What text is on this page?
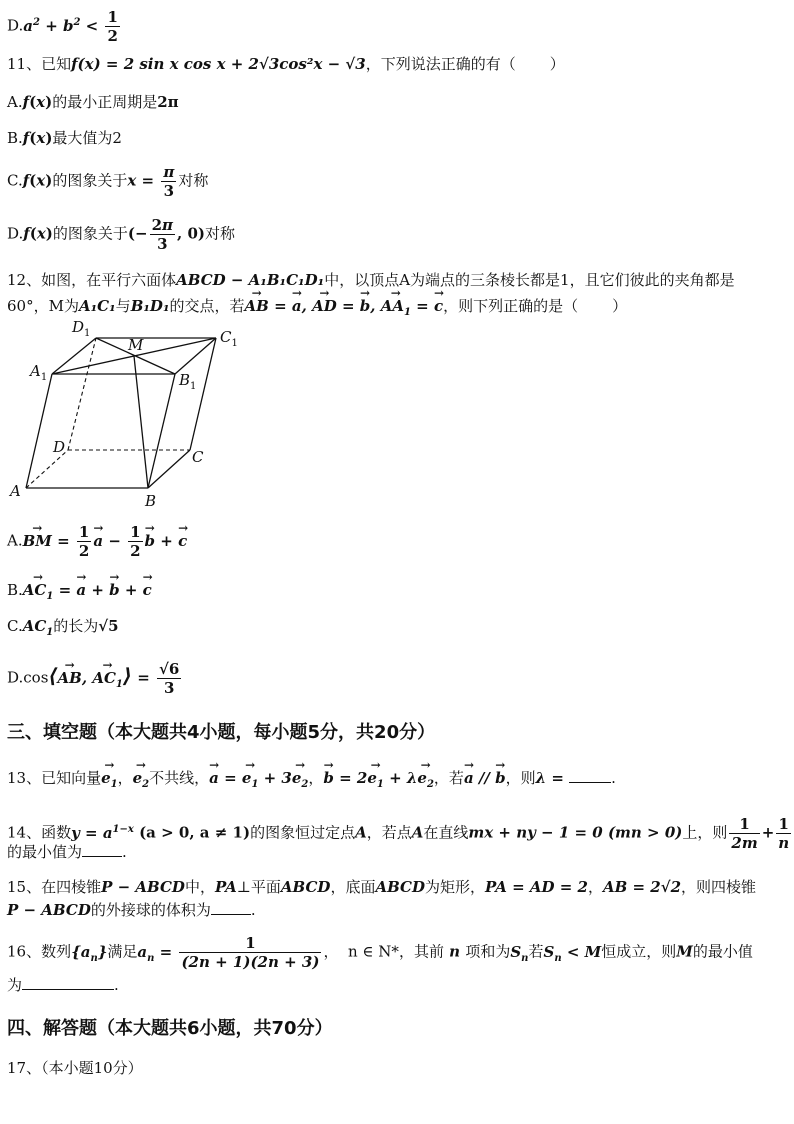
$D.a^2 + b^2 < \frac{1}{2}$
11、已知f(x) = 2 sin x cos x + 2√3cos²x − √3，下列说法正确的有（ ）
A.f(x)的最小正周期是2π
B.f(x)最大值为2
C.f(x)的图象关于$x = \frac{\pi}{3}$ 对称
D.f(x)的图象关于(− $\frac{2\pi}{3}$ , 0)对称
12、如图，在平行六面体ABCD − A₁B₁C₁D₁中，以顶点A为端点的三条棱长都是1，且它们彼此的夹角都是
60°，M为A₁C₁与B₁D₁的交点，若→ AB = → a, → AD = → b, → $AA_1$ = → c，则下列正确的是（ ）
$D_1$	$C_1$
$A_1$	$B_1$
M
D
C
A
B
A.→ BM = $\frac{1}{2}$
→ $a - \frac{1}{2}$
→ b + → c
$B.\to AC_1$ = → a + → b + → c
$C.AC_1$的长为√5
D.cos⟨→ AB, → $AC_1⟩ = \frac{√6}{3}$
三、填空题（本大题共4小题，每小题5分，共20分）
13、已知向量→ $e_1$，→ $e_2$不共线，→ a = → $e_1 + 3\to e_2$，→ $b = 2\to e_1 + \lambda\to e_2$，若→ a // → b，则λ =	.
14、函数$y = a^{1-x}$ (a > 0, a ≠ 1)的图象恒过定点A，若点A在直线mx + ny − 1 = 0 (mn > 0)上，则 $\frac{1}{2m} + \frac{1}{n}$
的最小值为	.
15、在四棱锥P − ABCD中，PA⊥平面ABCD，底面ABCD为矩形，PA = AD = 2，AB = 2√2，则四棱锥
P − ABCD的外接球的体积为	.
16、数列$\{a_n\}$满足$a_n = \frac{1}{(2n + 1)(2n + 3)}$ ， n ∈ N*，其前 n 项和为$S_n$若$S_n < M$恒成立，则M的最小值
为	.
四、解答题（本大题共6小题，共70分）
17、（本小题10分）
